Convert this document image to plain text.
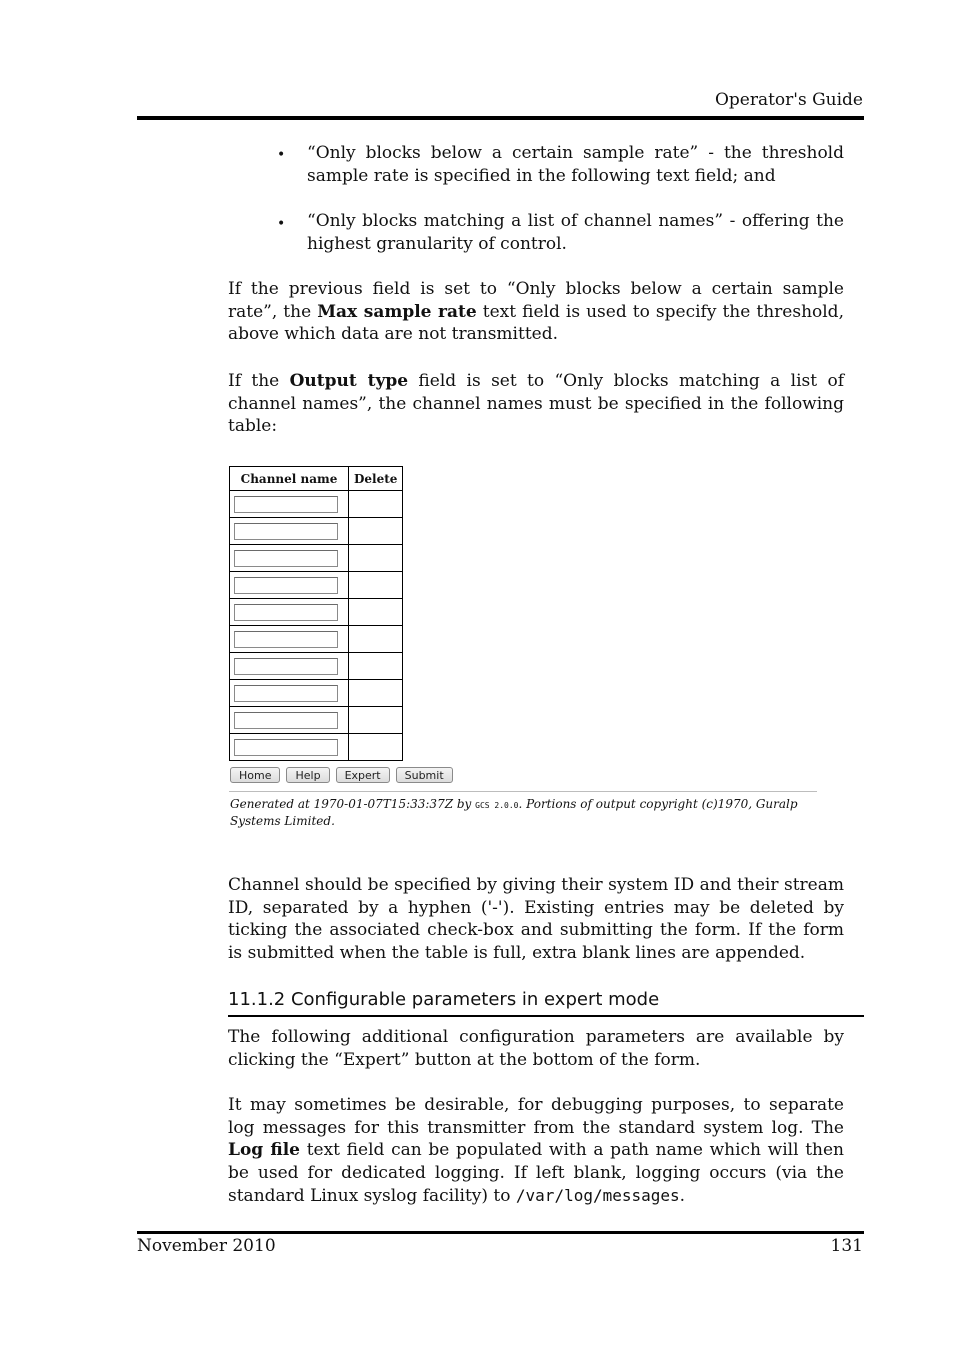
Operator's Guide
• “Only blocks below a certain sample rate” - the threshold sample rate is specified in the following text field; and
• “Only blocks matching a list of channel names” - offering the highest granularity of control.
If the previous field is set to “Only blocks below a certain sample rate”, the Max sample rate text field is used to specify the threshold, above which data are not transmitted.
If the Output type field is set to “Only blocks matching a list of channel names”, the channel names must be specified in the following table:
Channel name	Delete

Home	Help	Expert	Submit
Generated at 1970-01-07T15:33:37Z by GCS 2.0.0. Portions of output copyright (c)1970, Guralp Systems Limited.
Channel should be specified by giving their system ID and their stream ID, separated by a hyphen ('-'). Existing entries may be deleted by ticking the associated check-box and submitting the form. If the form is submitted when the table is full, extra blank lines are appended.
11.1.2 Configurable parameters in expert mode
The following additional configuration parameters are available by clicking the “Expert” button at the bottom of the form.
It may sometimes be desirable, for debugging purposes, to separate log messages for this transmitter from the standard system log. The Log file text field can be populated with a path name which will then be used for dedicated logging. If left blank, logging occurs (via the standard Linux syslog facility) to /var/log/messages.
November 2010	131
